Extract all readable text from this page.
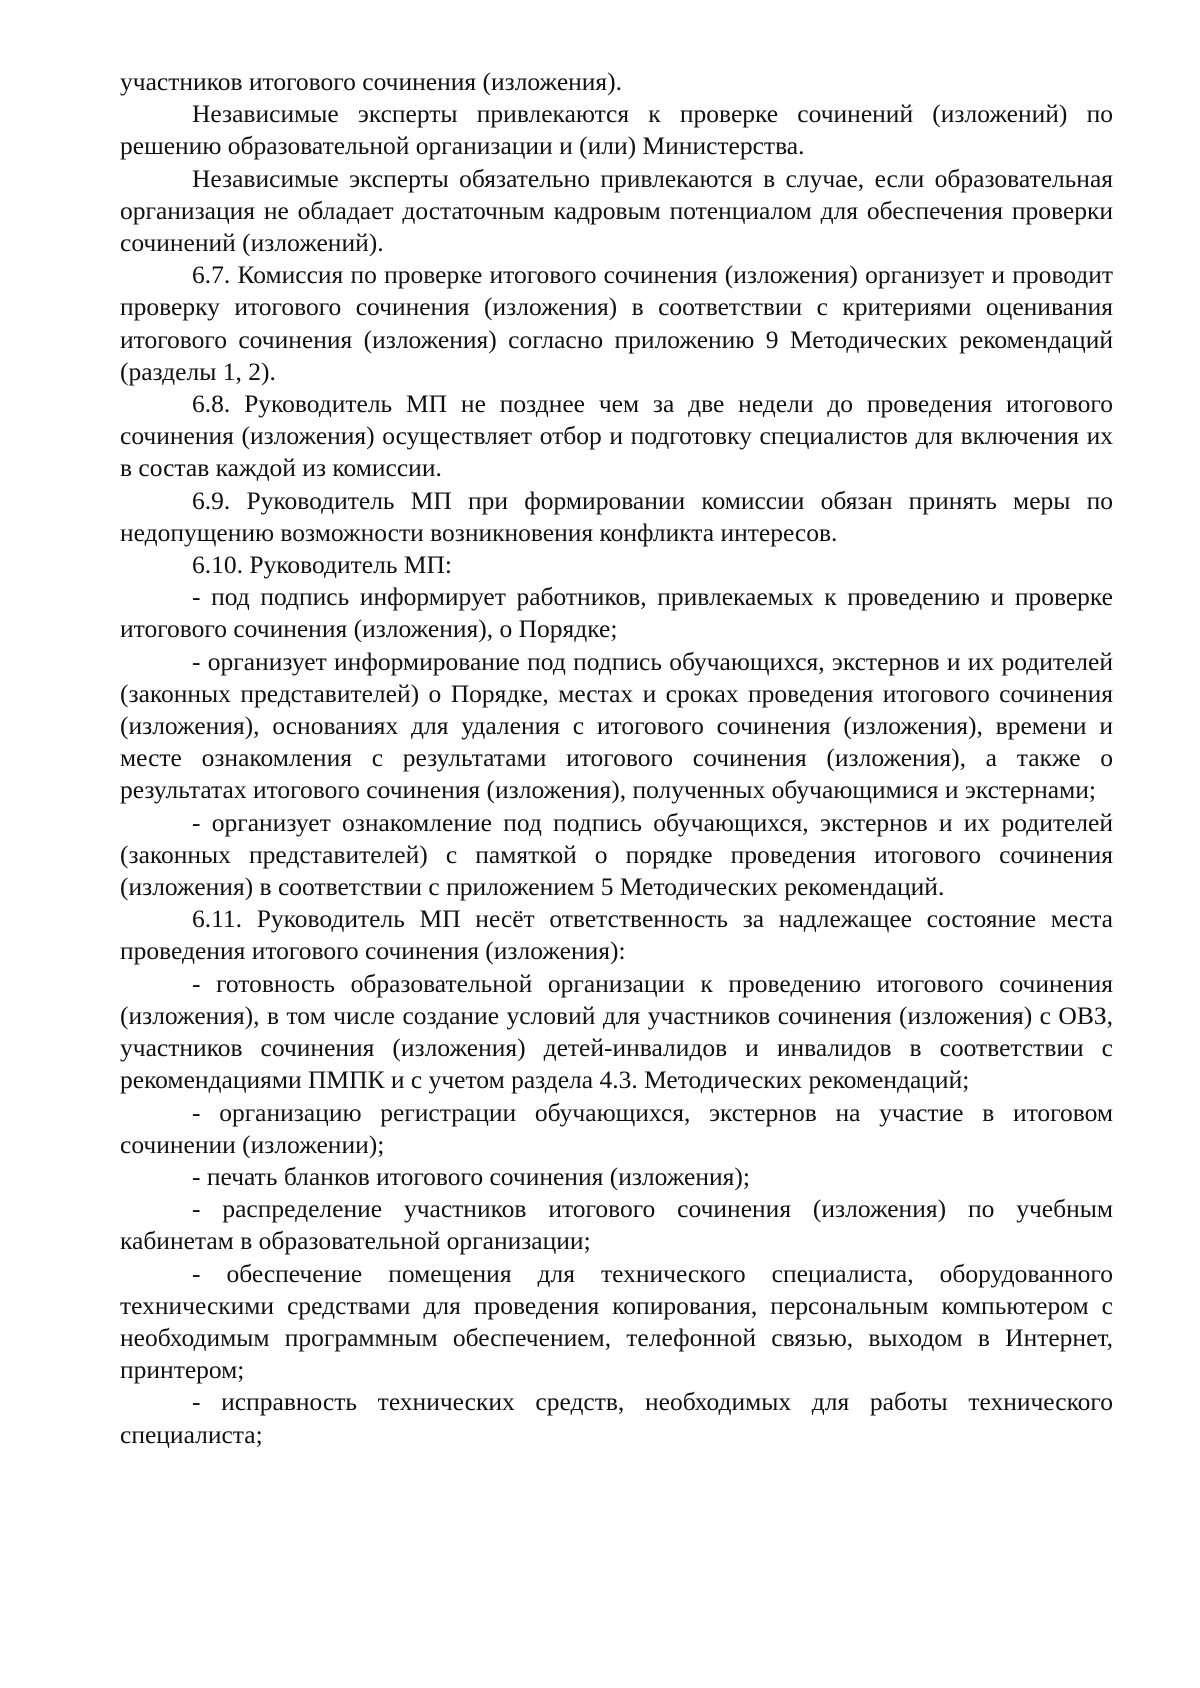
участников итогового сочинения (изложения).

Независимые эксперты привлекаются к проверке сочинений (изложений) по решению образовательной организации и (или) Министерства.

Независимые эксперты обязательно привлекаются в случае, если образовательная организация не обладает достаточным кадровым потенциалом для обеспечения проверки сочинений (изложений).

6.7. Комиссия по проверке итогового сочинения (изложения) организует и проводит проверку итогового сочинения (изложения) в соответствии с критериями оценивания итогового сочинения (изложения) согласно приложению 9 Методических рекомендаций (разделы 1, 2).

6.8. Руководитель МП не позднее чем за две недели до проведения итогового сочинения (изложения) осуществляет отбор и подготовку специалистов для включения их в состав каждой из комиссии.

6.9. Руководитель МП при формировании комиссии обязан принять меры по недопущению возможности возникновения конфликта интересов.

6.10. Руководитель МП:

- под подпись информирует работников, привлекаемых к проведению и проверке итогового сочинения (изложения), о Порядке;

- организует информирование под подпись обучающихся, экстернов и их родителей (законных представителей) о Порядке, местах и сроках проведения итогового сочинения (изложения), основаниях для удаления с итогового сочинения (изложения), времени и месте ознакомления с результатами итогового сочинения (изложения), а также о результатах итогового сочинения (изложения), полученных обучающимися и экстернами;

- организует ознакомление под подпись обучающихся, экстернов и их родителей (законных представителей) с памяткой о порядке проведения итогового сочинения (изложения) в соответствии с приложением 5 Методических рекомендаций.

6.11. Руководитель МП несёт ответственность за надлежащее состояние места проведения итогового сочинения (изложения):

- готовность образовательной организации к проведению итогового сочинения (изложения), в том числе создание условий для участников сочинения (изложения) с ОВЗ, участников сочинения (изложения) детей-инвалидов и инвалидов в соответствии с рекомендациями ПМПК и с учетом раздела 4.3. Методических рекомендаций;

- организацию регистрации обучающихся, экстернов на участие в итоговом сочинении (изложении);

- печать бланков итогового сочинения (изложения);

- распределение участников итогового сочинения (изложения) по учебным кабинетам в образовательной организации;

- обеспечение помещения для технического специалиста, оборудованного техническими средствами для проведения копирования, персональным компьютером с необходимым программным обеспечением, телефонной связью, выходом в Интернет, принтером;

- исправность технических средств, необходимых для работы технического специалиста;
